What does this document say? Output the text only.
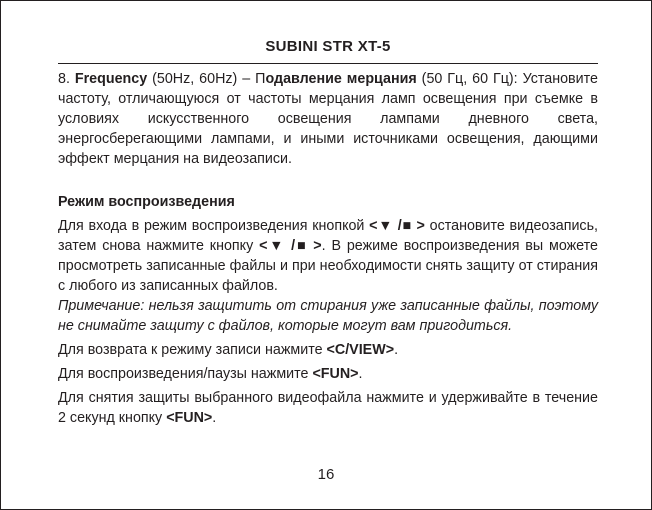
SUBINI STR XT-5

8. Frequency (50Hz, 60Hz) – Подавление мерцания (50 Гц, 60 Гц): Установите частоту, отличающуюся от частоты мерцания ламп освещения при съемке в условиях искусственного освещения лампами дневного света, энергосберегающими лампами, и иными источниками освещения, дающими эффект мерцания на видеозаписи.

Режим воспроизведения

Для входа в режим воспроизведения кнопкой <▼ /■ > остановите видеозапись, затем снова нажмите кнопку <▼ /■ >. В режиме воспроизведения вы можете просмотреть записанные файлы и при необходимости снять защиту от стирания с любого из записанных файлов.

Примечание: нельзя защитить от стирания уже записанные файлы, поэтому не снимайте защиту с файлов, которые могут вам пригодиться.

Для возврата к режиму записи нажмите <C/VIEW>.

Для воспроизведения/паузы нажмите <FUN>.

Для снятия защиты выбранного видеофайла нажмите и удерживайте в течение 2 секунд кнопку <FUN>.

16
